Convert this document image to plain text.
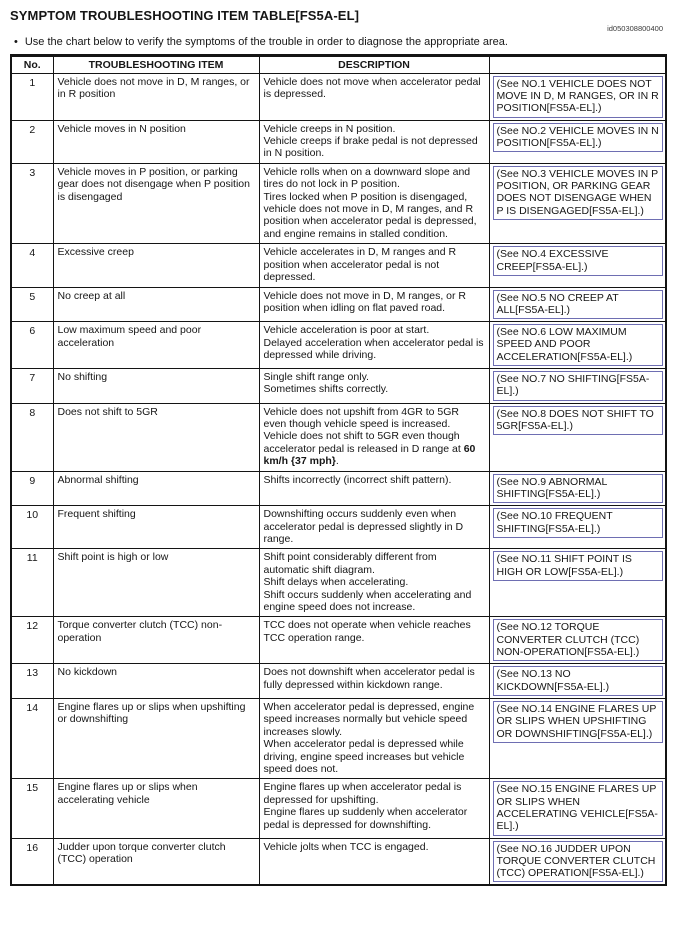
SYMPTOM TROUBLESHOOTING ITEM TABLE[FS5A-EL]
id050308800400
• Use the chart below to verify the symptoms of the trouble in order to diagnose the appropriate area.
No.	TROUBLESHOOTING ITEM	DESCRIPTION	
1	Vehicle does not move in D, M ranges, or in R position	Vehicle does not move when accelerator pedal is depressed.	(See NO.1 VEHICLE DOES NOT MOVE IN D, M RANGES, OR IN R POSITION[FS5A-EL].)
2	Vehicle moves in N position	Vehicle creeps in N position.
Vehicle creeps if brake pedal is not depressed in N position.	(See NO.2 VEHICLE MOVES IN N POSITION[FS5A-EL].)
3	Vehicle moves in P position, or parking gear does not disengage when P position is disengaged	Vehicle rolls when on a downward slope and tires do not lock in P position.
Tires locked when P position is disengaged, vehicle does not move in D, M ranges, and R position when accelerator pedal is depressed, and engine remains in stalled condition.	(See NO.3 VEHICLE MOVES IN P POSITION, OR PARKING GEAR DOES NOT DISENGAGE WHEN P IS DISENGAGED[FS5A-EL].)
4	Excessive creep	Vehicle accelerates in D, M ranges and R position when accelerator pedal is not depressed.	(See NO.4 EXCESSIVE CREEP[FS5A-EL].)
5	No creep at all	Vehicle does not move in D, M ranges, or R position when idling on flat paved road.	(See NO.5 NO CREEP AT ALL[FS5A-EL].)
6	Low maximum speed and poor acceleration	Vehicle acceleration is poor at start.
Delayed acceleration when accelerator pedal is depressed while driving.	(See NO.6 LOW MAXIMUM SPEED AND POOR ACCELERATION[FS5A-EL].)
7	No shifting	Single shift range only.
Sometimes shifts correctly.	(See NO.7 NO SHIFTING[FS5A-EL].)
8	Does not shift to 5GR	Vehicle does not upshift from 4GR to 5GR even though vehicle speed is increased.
Vehicle does not shift to 5GR even though accelerator pedal is released in D range at 60 km/h {37 mph}.	(See NO.8 DOES NOT SHIFT TO 5GR[FS5A-EL].)
9	Abnormal shifting	Shifts incorrectly (incorrect shift pattern).	(See NO.9 ABNORMAL SHIFTING[FS5A-EL].)
10	Frequent shifting	Downshifting occurs suddenly even when accelerator pedal is depressed slightly in D range.	(See NO.10 FREQUENT SHIFTING[FS5A-EL].)
11	Shift point is high or low	Shift point considerably different from automatic shift diagram.
Shift delays when accelerating.
Shift occurs suddenly when accelerating and engine speed does not increase.	(See NO.11 SHIFT POINT IS HIGH OR LOW[FS5A-EL].)
12	Torque converter clutch (TCC) non-operation	TCC does not operate when vehicle reaches TCC operation range.	(See NO.12 TORQUE CONVERTER CLUTCH (TCC) NON-OPERATION[FS5A-EL].)
13	No kickdown	Does not downshift when accelerator pedal is fully depressed within kickdown range.	(See NO.13 NO KICKDOWN[FS5A-EL].)
14	Engine flares up or slips when upshifting or downshifting	When accelerator pedal is depressed, engine speed increases normally but vehicle speed increases slowly.
When accelerator pedal is depressed while driving, engine speed increases but vehicle speed does not.	(See NO.14 ENGINE FLARES UP OR SLIPS WHEN UPSHIFTING OR DOWNSHIFTING[FS5A-EL].)
15	Engine flares up or slips when accelerating vehicle	Engine flares up when accelerator pedal is depressed for upshifting.
Engine flares up suddenly when accelerator pedal is depressed for downshifting.	(See NO.15 ENGINE FLARES UP OR SLIPS WHEN ACCELERATING VEHICLE[FS5A-EL].)
16	Judder upon torque converter clutch (TCC) operation	Vehicle jolts when TCC is engaged.	(See NO.16 JUDDER UPON TORQUE CONVERTER CLUTCH (TCC) OPERATION[FS5A-EL].)
